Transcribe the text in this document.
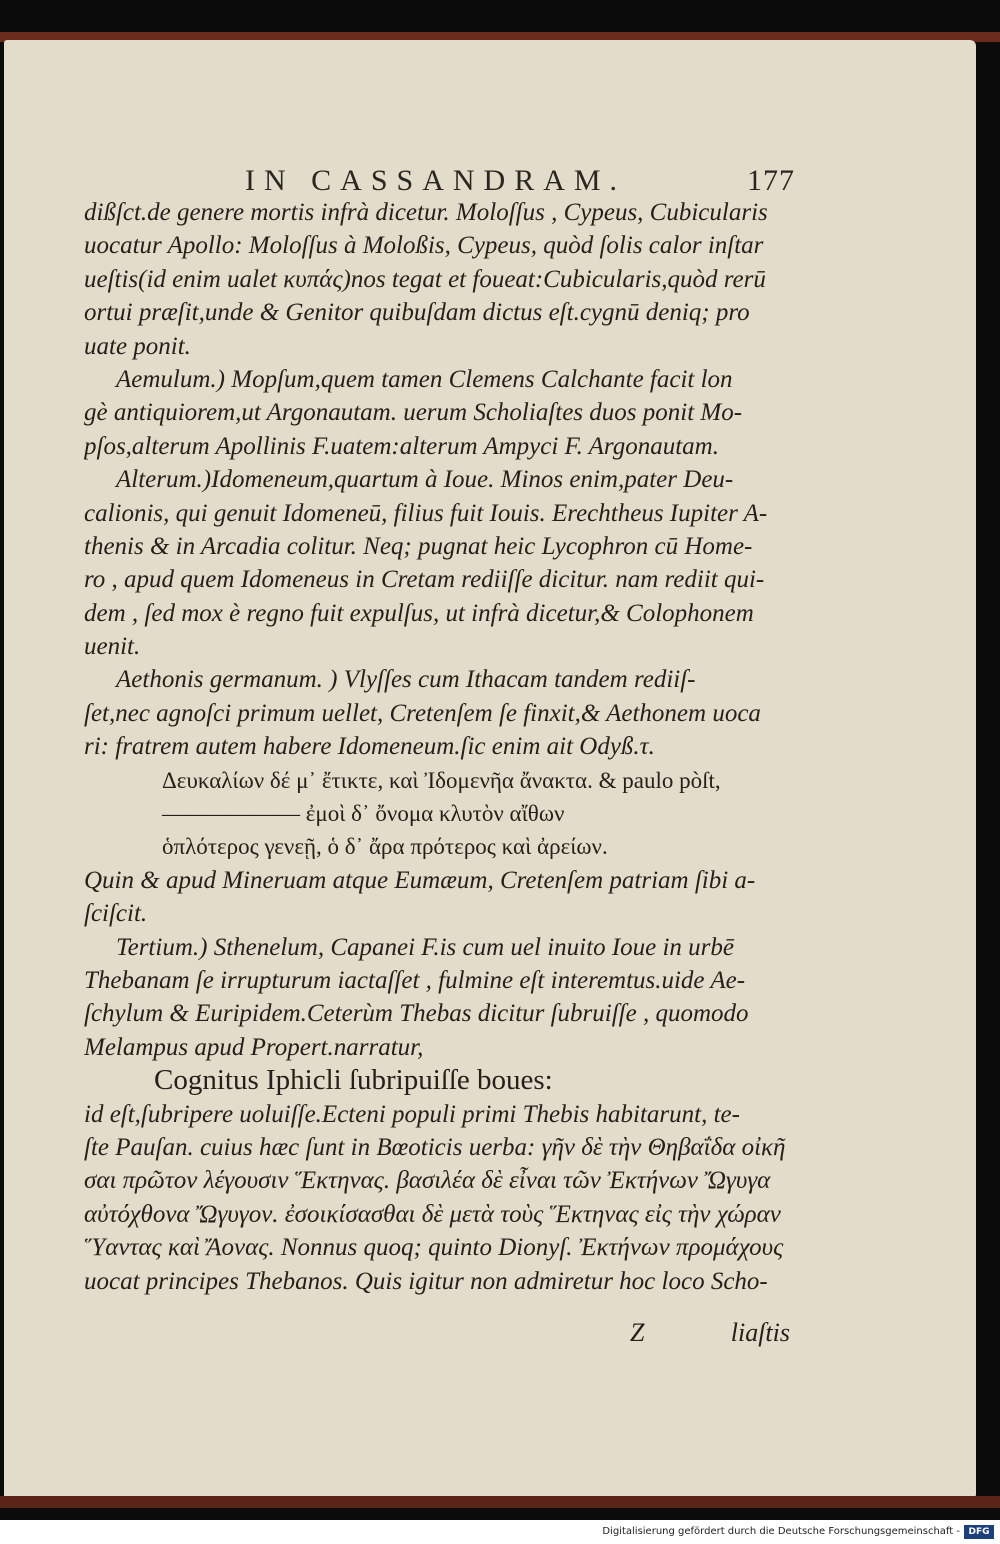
IN CASSANDRAM.	177
dißſct.de genere mortis infrà dicetur. Moloſſus , Cypeus, Cubicularis
uocatur Apollo: Moloſſus à Moloßis, Cypeus, quòd ſolis calor inſtar
ueſtis(id enim ualet κυπάς)nos tegat et foueat:Cubicularis,quòd rerū
ortui præſit,unde & Genitor quibuſdam dictus eſt.cygnū deniq; pro
uate ponit.
Aemulum.) Mopſum,quem tamen Clemens Calchante facit lon
gè antiquiorem,ut Argonautam. uerum Scholiaſtes duos ponit Mo-
pſos,alterum Apollinis F.uatem:alterum Ampyci F. Argonautam.
Alterum.)Idomeneum,quartum à Ioue. Minos enim,pater Deu-
calionis, qui genuit Idomeneū, filius fuit Iouis. Erechtheus Iupiter A-
thenis & in Arcadia colitur. Neq; pugnat heic Lycophron cū Home-
ro , apud quem Idomeneus in Cretam rediiſſe dicitur. nam rediit qui-
dem , ſed mox è regno fuit expulſus, ut infrà dicetur,& Colophonem
uenit.
Aethonis germanum. ) Vlyſſes cum Ithacam tandem rediiſ-
ſet,nec agnoſci primum uellet, Cretenſem ſe finxit,& Aethonem uoca
ri: fratrem autem habere Idomeneum.ſic enim ait Odyß.τ.
Δευκαλίων δέ μ᾽ ἔτικτε, καὶ Ἰδομενῆα ἄνακτα. & paulo pòſt,
―――――― ἐμοὶ δ᾽ ὄνομα κλυτὸν αἴθων
ὁπλότερος γενεῇ, ὁ δ᾽ ἄρα πρότερος καὶ ἀρείων.
Quin & apud Mineruam atque Eumæum, Cretenſem patriam ſibi a-
ſciſcit.
Tertium.) Sthenelum, Capanei F.is cum uel inuito Ioue in urbē
Thebanam ſe irrupturum iactaſſet , fulmine eſt interemtus.uide Ae-
ſchylum & Euripidem.Ceterùm Thebas dicitur ſubruiſſe , quomodo
Melampus apud Propert.narratur,
Cognitus Iphicli ſubripuiſſe boues:
id eſt,ſubripere uoluiſſe.Ecteni populi primi Thebis habitarunt, te-
ſte Pauſan. cuius hæc ſunt in Bœoticis uerba: γῆν δὲ τὴν Θηβαΐδα οἰκῆ
σαι πρῶτον λέγουσιν Ἕκτηνας. βασιλέα δὲ εἶναι τῶν Ἐκτήνων Ὤγυγα
αὐτόχθονα Ὤγυγον. ἐσοικίσασθαι δὲ μετὰ τοὺς Ἕκτηνας εἰς τὴν χώραν
Ὕαντας καὶ Ἄονας. Nonnus quoq; quinto Dionyſ. Ἐκτήνων προμάχους
uocat principes Thebanos. Quis igitur non admiretur hoc loco Scho-
Z	liaſtis
Digitalisierung gefördert durch die Deutsche Forschungsgemeinschaft - DFG
